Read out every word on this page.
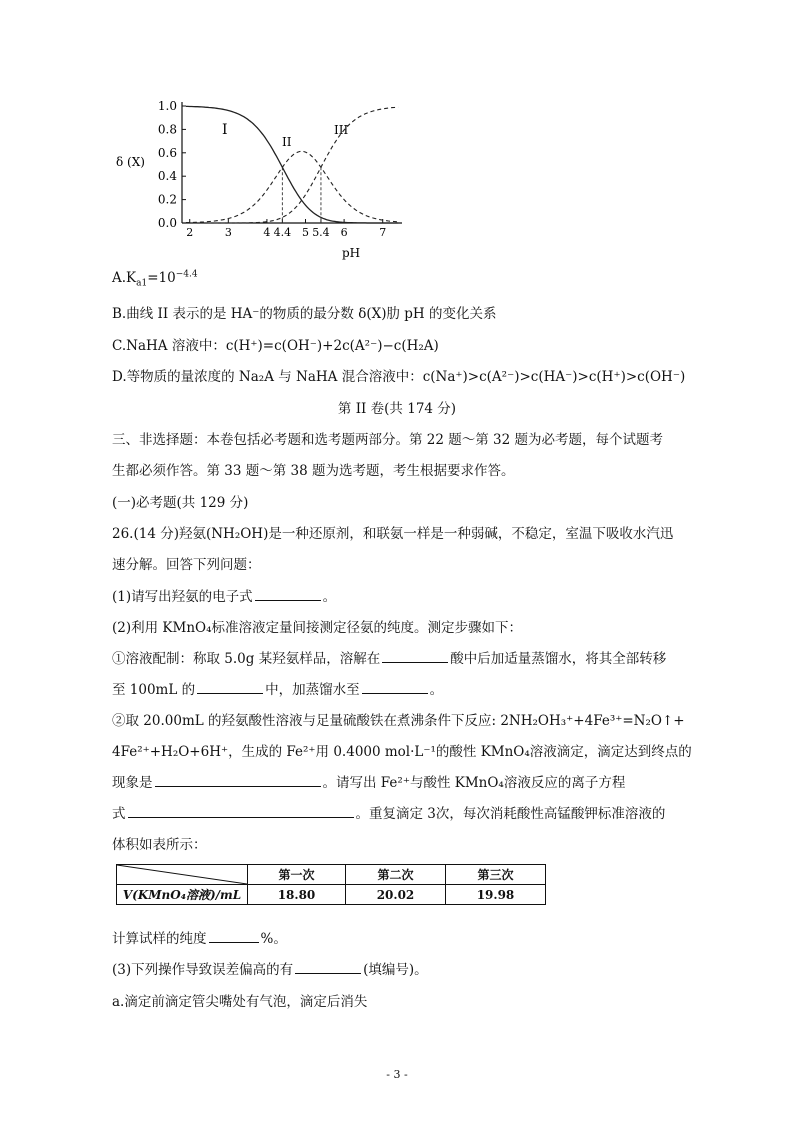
1.0
0.8
0.6
0.4
0.2
0.0
2	3	4 4.4 5 5.4 6	7
δ (X)
pH
I
II
III
$A.K_{a1}=10^{-4.4}$
B.曲线 II 表示的是 HA⁻的物质的最分数 δ(X)肋 pH 的变化关系
C.NaHA 溶液中：c(H⁺)=c(OH⁻)+2c(A²⁻)−c(H₂A)
D.等物质的量浓度的 Na₂A 与 NaHA 混合溶液中：c(Na⁺)>c(A²⁻)>c(HA⁻)>c(H⁺)>c(OH⁻)
第 II 卷(共 174 分)
三、非选择题：本卷包括必考题和选考题两部分。第 22 题～第 32 题为必考题，每个试题考
生都必须作答。第 33 题～第 38 题为选考题，考生根据要求作答。
(一)必考题(共 129 分)
26.(14 分)羟氨(NH₂OH)是一种还原剂，和联氨一样是一种弱碱，不稳定，室温下吸收水汽迅
速分解。回答下列问题：
(1)请写出羟氨的电子式	。
(2)利用 KMnO₄标准溶液定量间接测定径氨的纯度。测定步骤如下：
①溶液配制：称取 5.0g 某羟氨样品，溶解在	酸中后加适量蒸馏水，将其全部转移
至 100mL 的	中，加蒸馏水至	。
②取 20.00mL 的羟氨酸性溶液与足量硫酸铁在煮沸条件下反应: 2NH₂OH₃⁺+4Fe³⁺=N₂O↑+
4Fe²⁺+H₂O+6H⁺，生成的 Fe²⁺用 0.4000 mol·L⁻¹的酸性 KMnO₄溶液滴定，滴定达到终点的
现象是	。请写出 Fe²⁺与酸性 KMnO₄溶液反应的离子方程
式	。重复滴定 3次，每次消耗酸性高锰酸钾标准溶液的
体积如表所示：
	第一次	第二次	第三次
V(KMnO₄溶液)/mL	18.80	20.02	19.98
计算试样的纯度	%。
(3)下列操作导致误差偏高的有	(填编号)。
a.滴定前滴定管尖嘴处有气泡，滴定后消失
- 3 -
